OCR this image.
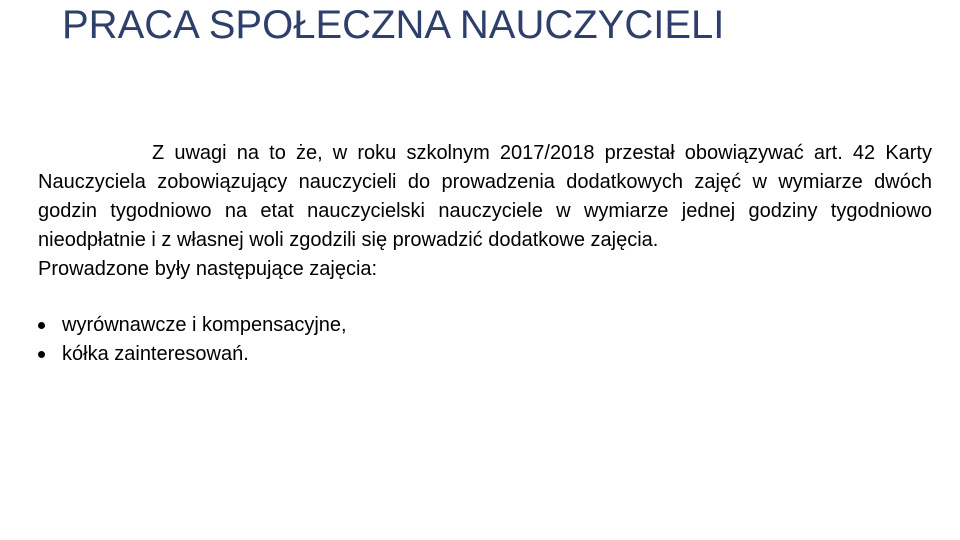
PRACA SPOŁECZNA NAUCZYCIELI

Z uwagi na to że, w roku szkolnym 2017/2018 przestał obowiązywać art. 42 Karty Nauczyciela zobowiązujący nauczycieli do prowadzenia dodatkowych zajęć w wymiarze dwóch godzin tygodniowo na etat nauczycielski nauczyciele w wymiarze jednej godziny tygodniowo nieodpłatnie i z własnej woli zgodzili się prowadzić dodatkowe zajęcia.

Prowadzone były następujące zajęcia:

wyrównawcze i kompensacyjne,
kółka zainteresowań.
